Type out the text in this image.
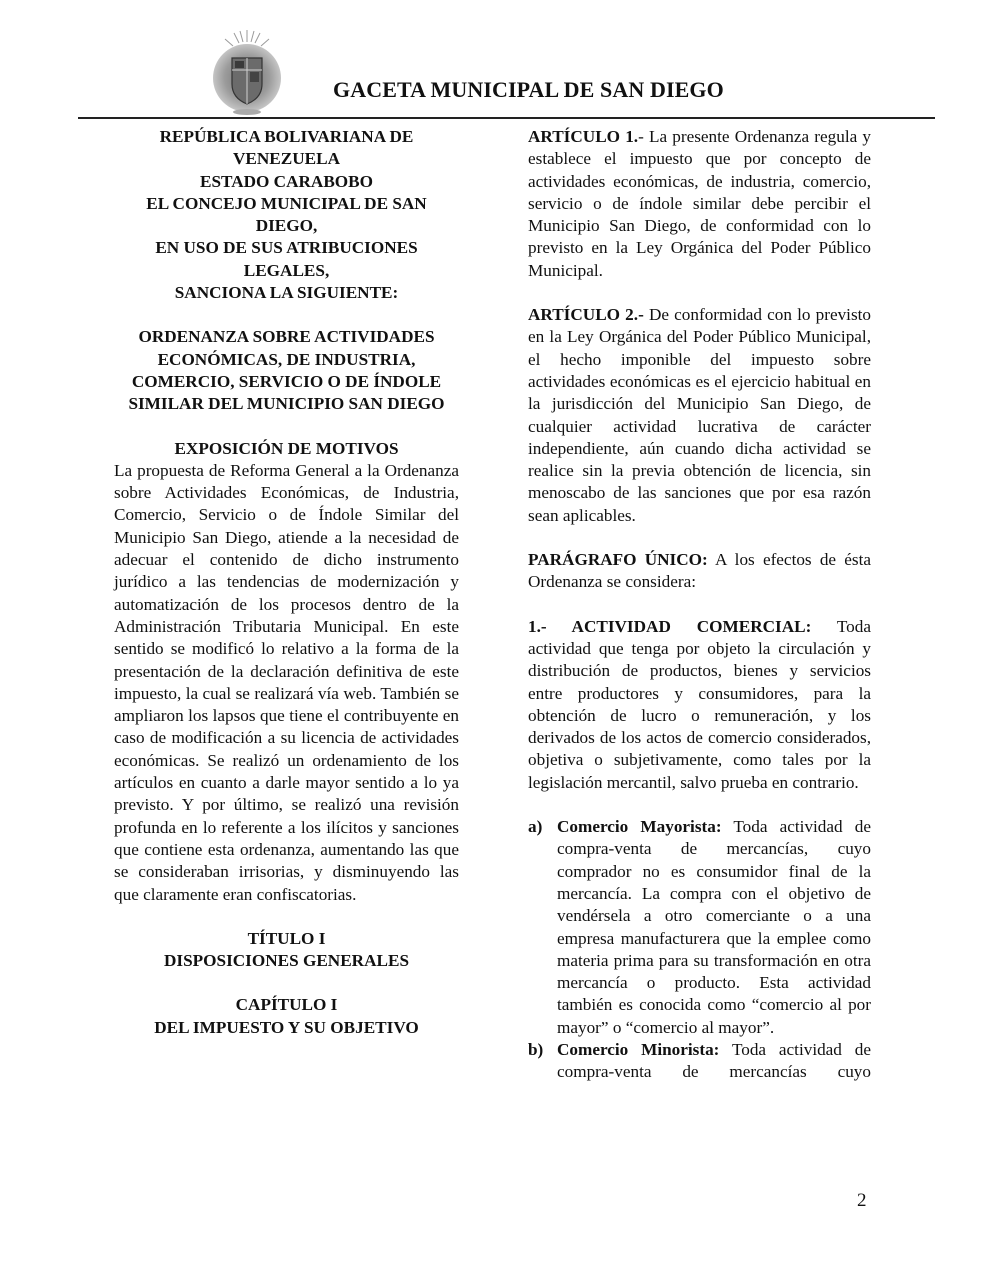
GACETA MUNICIPAL DE SAN DIEGO

REPÚBLICA BOLIVARIANA DE VENEZUELA

ESTADO CARABOBO

EL CONCEJO MUNICIPAL DE SAN DIEGO,

EN USO DE SUS ATRIBUCIONES LEGALES,

SANCIONA LA SIGUIENTE:

ORDENANZA SOBRE ACTIVIDADES ECONÓMICAS, DE INDUSTRIA, COMERCIO, SERVICIO O DE ÍNDOLE SIMILAR DEL MUNICIPIO SAN DIEGO

EXPOSICIÓN DE MOTIVOS

La propuesta de Reforma General a la Ordenanza sobre Actividades Económicas, de Industria, Comercio, Servicio o de Índole Similar del Municipio San Diego, atiende a la necesidad de adecuar el contenido de dicho instrumento jurídico a las tendencias de modernización y automatización de los procesos dentro de la Administración Tributaria Municipal. En este sentido se modificó lo relativo a la forma de la presentación de la declaración definitiva de este impuesto, la cual se realizará vía web. También se ampliaron los lapsos que tiene el contribuyente en caso de modificación a su licencia de actividades económicas. Se realizó un ordenamiento de los artículos en cuanto a darle mayor sentido a lo ya previsto. Y por último, se realizó una revisión profunda en lo referente a los ilícitos y sanciones que contiene esta ordenanza, aumentando las que se consideraban irrisorias, y disminuyendo las que claramente eran confiscatorias.

TÍTULO I

DISPOSICIONES GENERALES

CAPÍTULO I

DEL IMPUESTO Y SU OBJETIVO

ARTÍCULO 1.- La presente Ordenanza regula y establece el impuesto que por concepto de actividades económicas, de industria, comercio, servicio o de índole similar debe percibir el Municipio San Diego, de conformidad con lo previsto en la Ley Orgánica del Poder Público Municipal.

ARTÍCULO 2.- De conformidad con lo previsto en la Ley Orgánica del Poder Público Municipal, el hecho imponible del impuesto sobre actividades económicas es el ejercicio habitual en la jurisdicción del Municipio San Diego, de cualquier actividad lucrativa de carácter independiente, aún cuando dicha actividad se realice sin la previa obtención de licencia, sin menoscabo de las sanciones que por esa razón sean aplicables.

PARÁGRAFO ÚNICO: A los efectos de ésta Ordenanza se considera:

1.- ACTIVIDAD COMERCIAL: Toda actividad que tenga por objeto la circulación y distribución de productos, bienes y servicios entre productores y consumidores, para la obtención de lucro o remuneración, y los derivados de los actos de comercio considerados, objetiva o subjetivamente, como tales por la legislación mercantil, salvo prueba en contrario.

a) Comercio Mayorista: Toda actividad de compra-venta de mercancías, cuyo comprador no es consumidor final de la mercancía. La compra con el objetivo de vendérsela a otro comerciante o a una empresa manufacturera que la emplee como materia prima para su transformación en otra mercancía o producto. Esta actividad también es conocida como “comercio al por mayor” o “comercio al mayor”.

b) Comercio Minorista: Toda actividad de compra-venta de mercancías cuyo

2
